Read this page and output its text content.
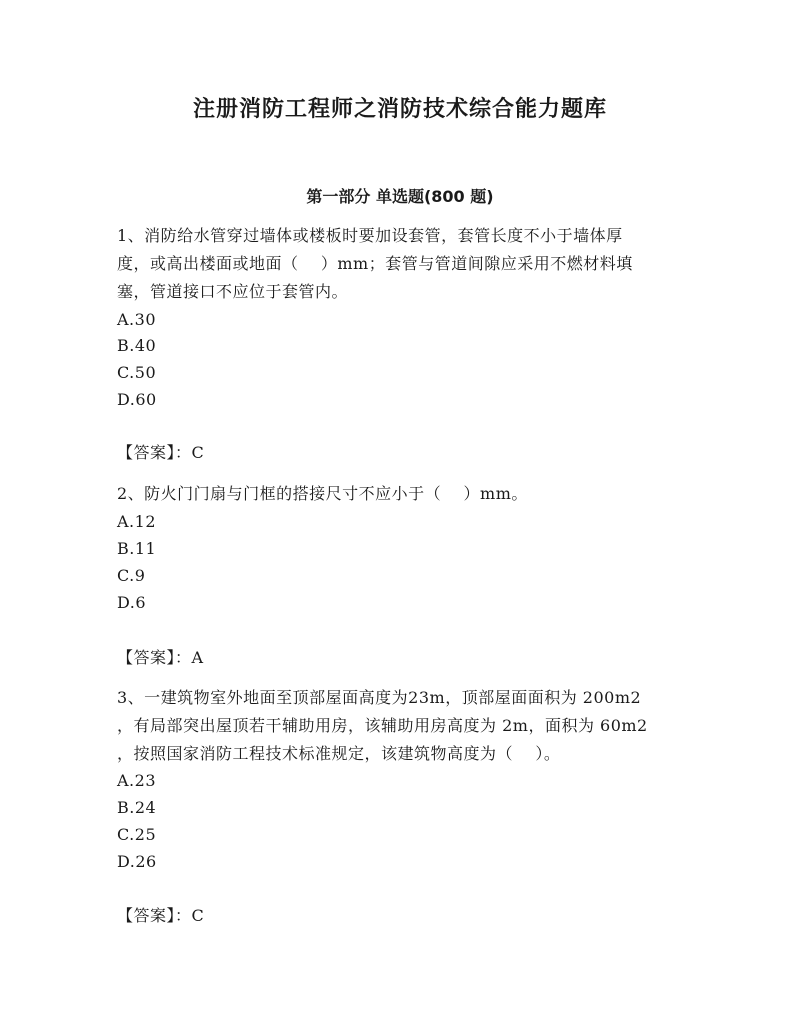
注册消防工程师之消防技术综合能力题库
第一部分 单选题(800 题)
1、消防给水管穿过墙体或楼板时要加设套管，套管长度不小于墙体厚
度，或高出楼面或地面（    ）mm；套管与管道间隙应采用不燃材料填
塞，管道接口不应位于套管内。
A.30
B.40
C.50
D.60
【答案】：C
2、防火门门扇与门框的搭接尺寸不应小于（    ）mm。
A.12
B.11
C.9
D.6
【答案】：A
3、一建筑物室外地面至顶部屋面高度为23m，顶部屋面面积为 200m2
，有局部突出屋顶若干辅助用房，该辅助用房高度为 2m，面积为 60m2
，按照国家消防工程技术标准规定，该建筑物高度为（    ）。
A.23
B.24
C.25
D.26
【答案】：C
